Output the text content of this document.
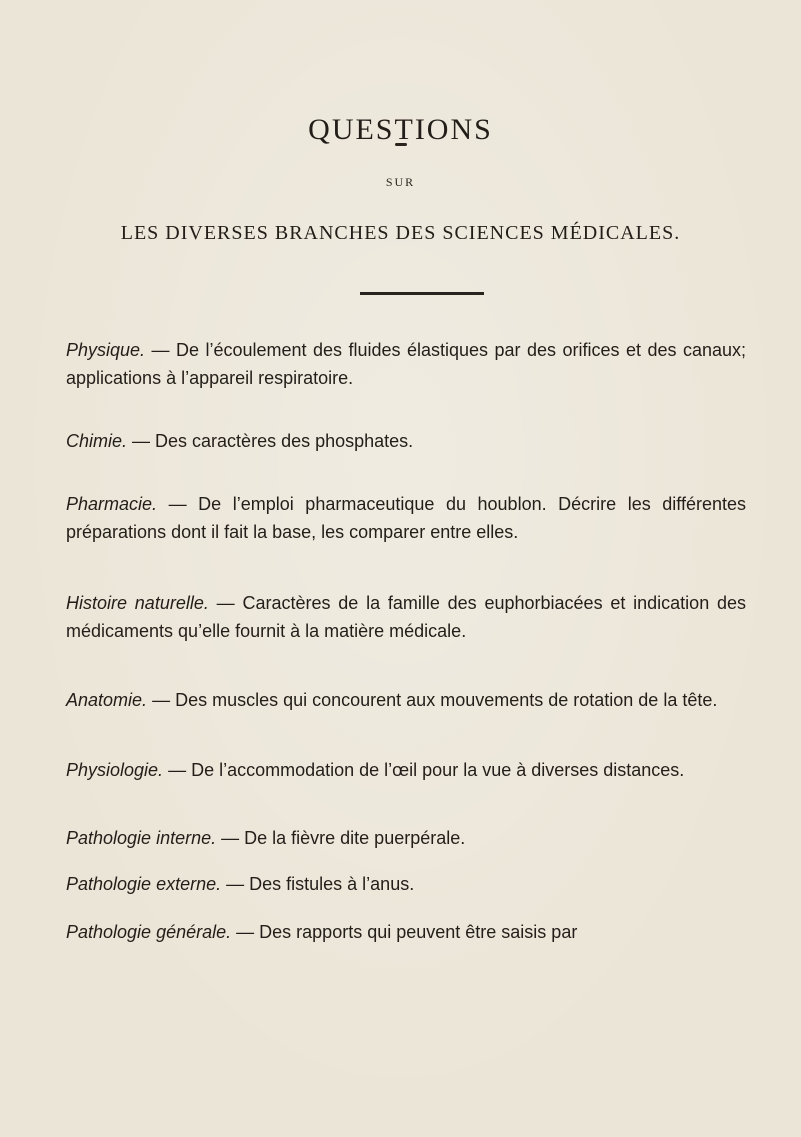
QUESTIONS
SUR
LES DIVERSES BRANCHES DES SCIENCES MÉDICALES.

Physique. — De l’écoulement des fluides élastiques par des orifices et des canaux; applications à l’appareil respiratoire.

Chimie. — Des caractères des phosphates.

Pharmacie. — De l’emploi pharmaceutique du houblon. Décrire les différentes préparations dont il fait la base, les comparer entre elles.

Histoire naturelle. — Caractères de la famille des euphorbiacées et indication des médicaments qu’elle fournit à la matière médicale.

Anatomie. — Des muscles qui concourent aux mouvements de rotation de la tête.

Physiologie. — De l’accommodation de l’œil pour la vue à diverses distances.

Pathologie interne. — De la fièvre dite puerpérale.

Pathologie externe. — Des fistules à l’anus.

Pathologie générale. — Des rapports qui peuvent être saisis par
